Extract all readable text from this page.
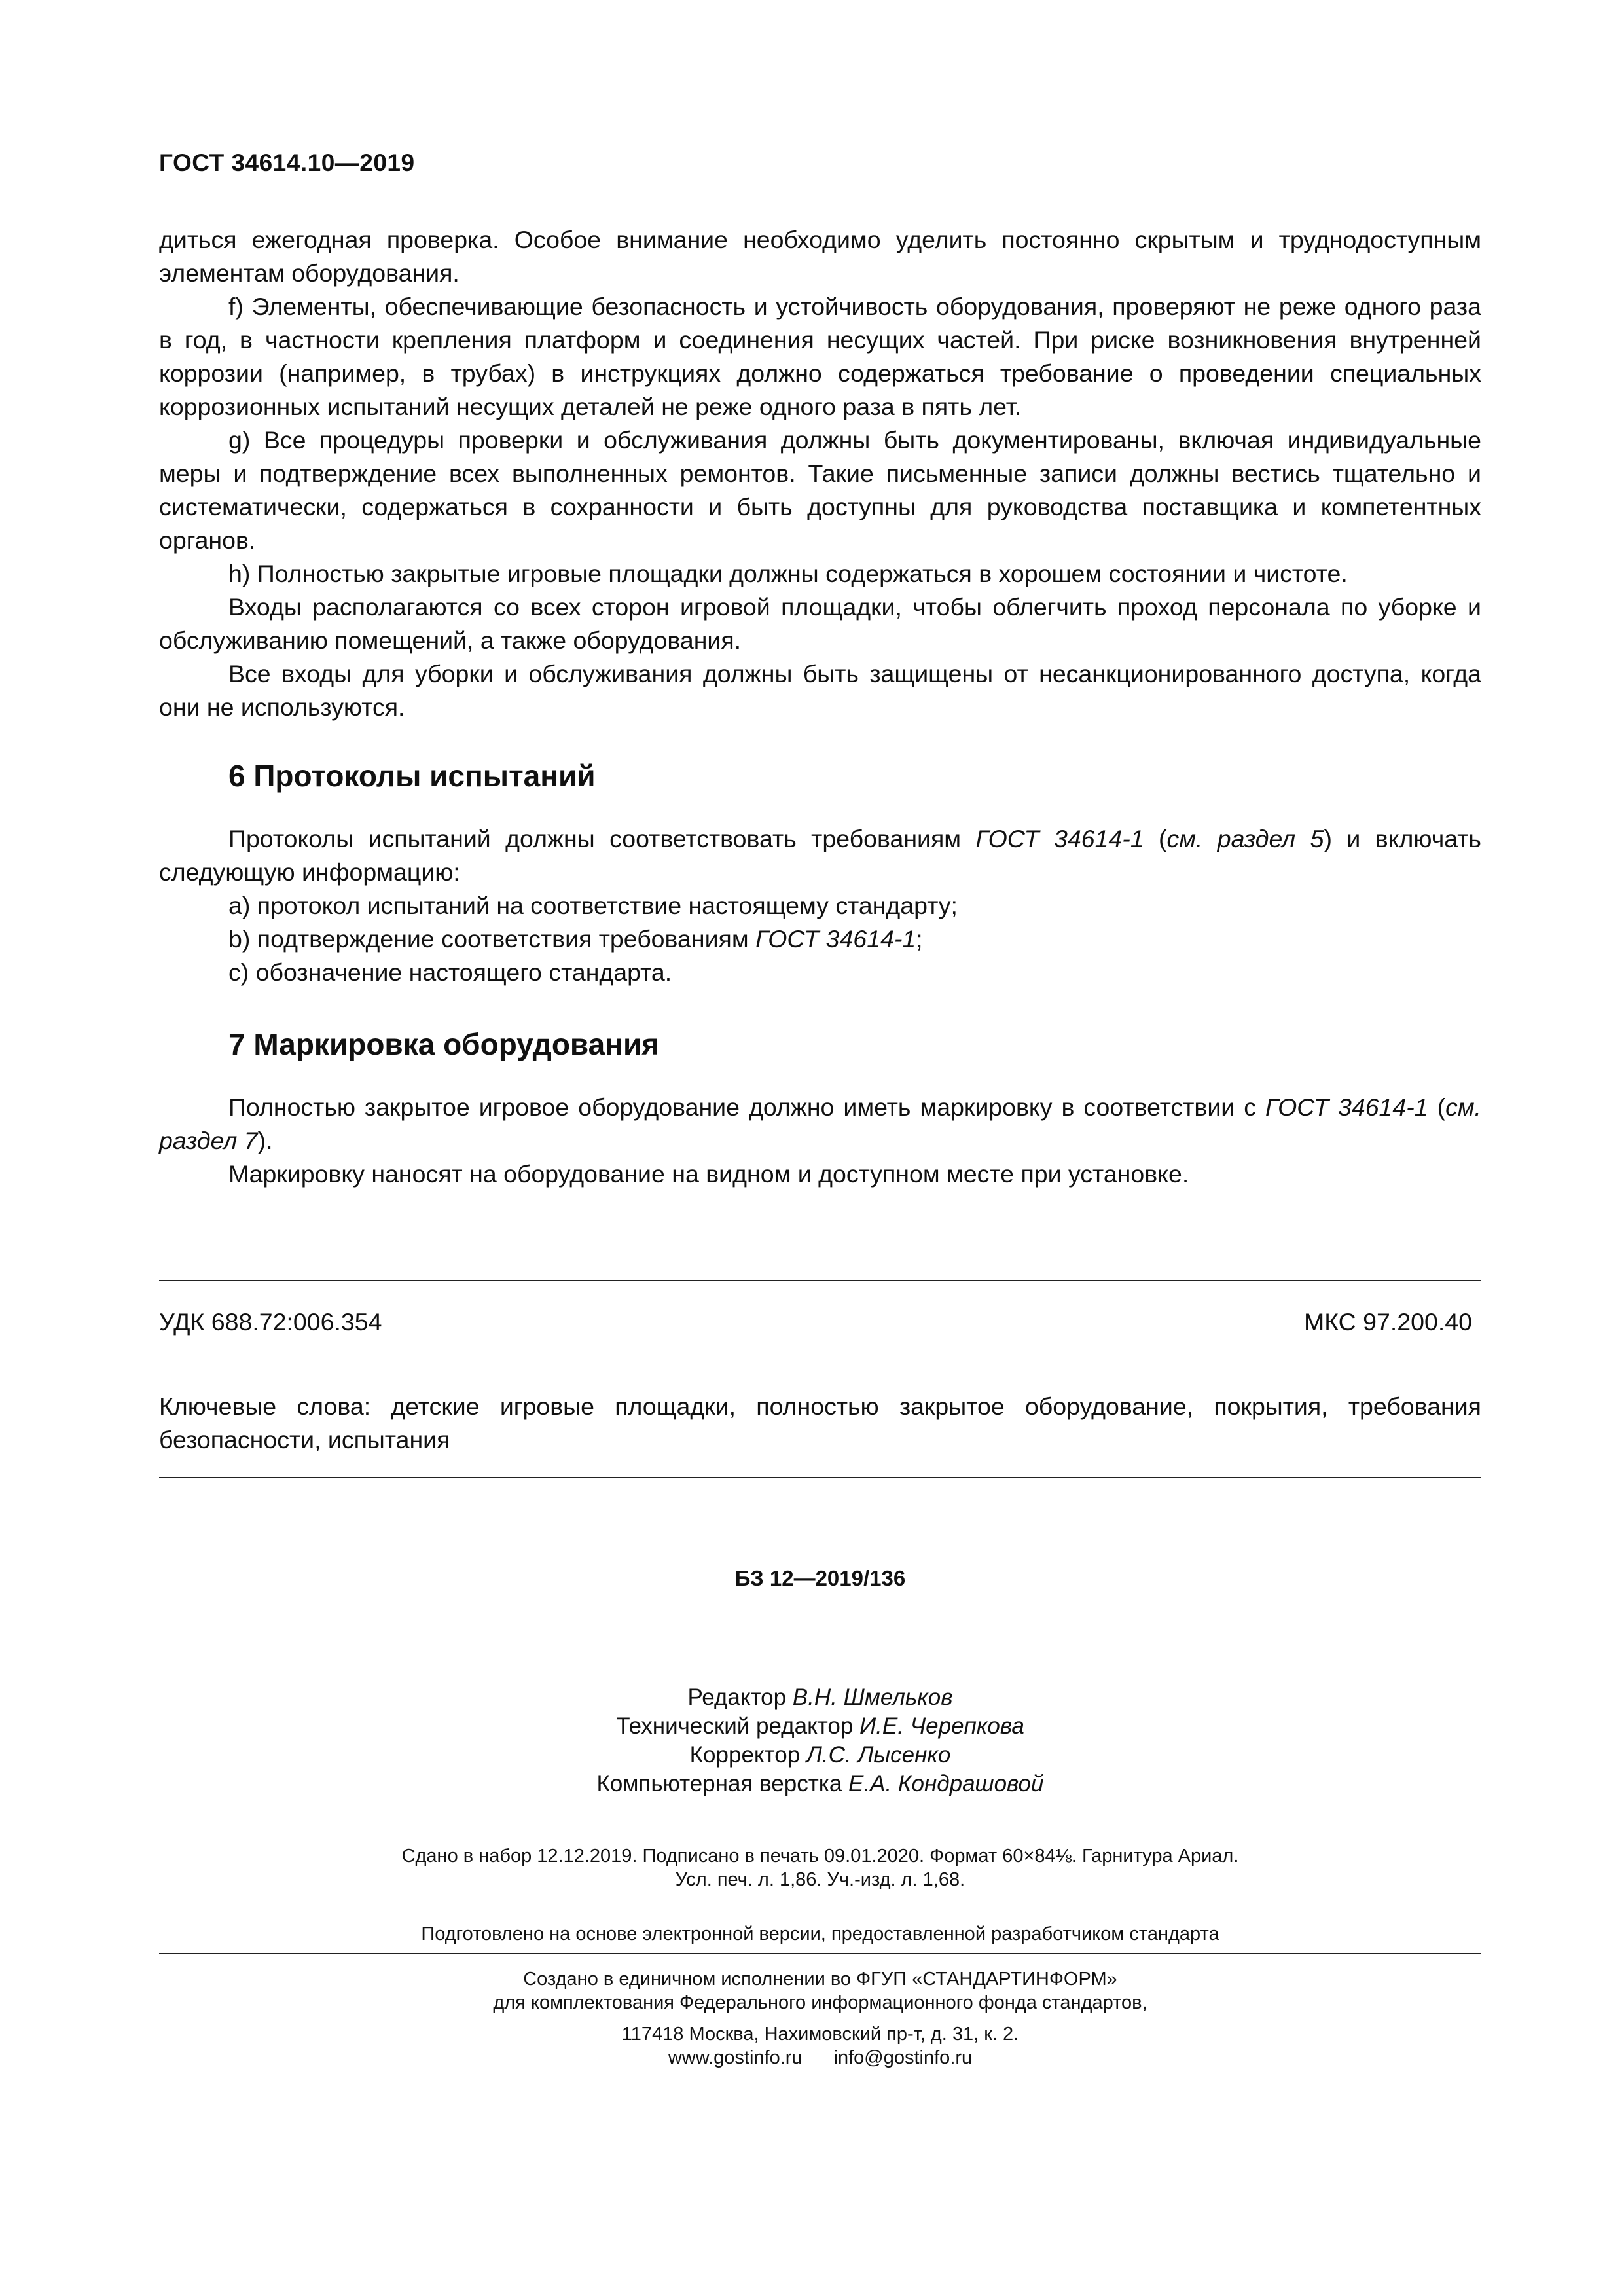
ГОСТ 34614.10—2019

диться ежегодная проверка. Особое внимание необходимо уделить постоянно скрытым и труднодоступным элементам оборудования.

f) Элементы, обеспечивающие безопасность и устойчивость оборудования, проверяют не реже одного раза в год, в частности крепления платформ и соединения несущих частей. При риске возникновения внутренней коррозии (например, в трубах) в инструкциях должно содержаться требование о проведении специальных коррозионных испытаний несущих деталей не реже одного раза в пять лет.

g) Все процедуры проверки и обслуживания должны быть документированы, включая индивидуальные меры и подтверждение всех выполненных ремонтов. Такие письменные записи должны вестись тщательно и систематически, содержаться в сохранности и быть доступны для руководства поставщика и компетентных органов.

h) Полностью закрытые игровые площадки должны содержаться в хорошем состоянии и чистоте.

Входы располагаются со всех сторон игровой площадки, чтобы облегчить проход персонала по уборке и обслуживанию помещений, а также оборудования.

Все входы для уборки и обслуживания должны быть защищены от несанкционированного доступа, когда они не используются.

6 Протоколы испытаний

Протоколы испытаний должны соответствовать требованиям ГОСТ 34614-1 (см. раздел 5) и включать следующую информацию:

a) протокол испытаний на соответствие настоящему стандарту;

b) подтверждение соответствия требованиям ГОСТ 34614-1;

c) обозначение настоящего стандарта.

7 Маркировка оборудования

Полностью закрытое игровое оборудование должно иметь маркировку в соответствии с ГОСТ 34614-1 (см. раздел 7).

Маркировку наносят на оборудование на видном и доступном месте при установке.

УДК 688.72:006.354	МКС 97.200.40

Ключевые слова: детские игровые площадки, полностью закрытое оборудование, покрытия, требования безопасности, испытания

БЗ 12—2019/136
Редактор В.Н. Шмельков
Технический редактор И.Е. Черепкова
Корректор Л.С. Лысенко
Компьютерная верстка Е.А. Кондрашовой
Сдано в набор 12.12.2019. Подписано в печать 09.01.2020. Формат 60×84⅛. Гарнитура Ариал.
Усл. печ. л. 1,86. Уч.-изд. л. 1,68.
Подготовлено на основе электронной версии, предоставленной разработчиком стандарта
Создано в единичном исполнении во ФГУП «СТАНДАРТИНФОРМ»
для комплектования Федерального информационного фонда стандартов,
117418 Москва, Нахимовский пр-т, д. 31, к. 2.
www.gostinfo.ru info@gostinfo.ru
